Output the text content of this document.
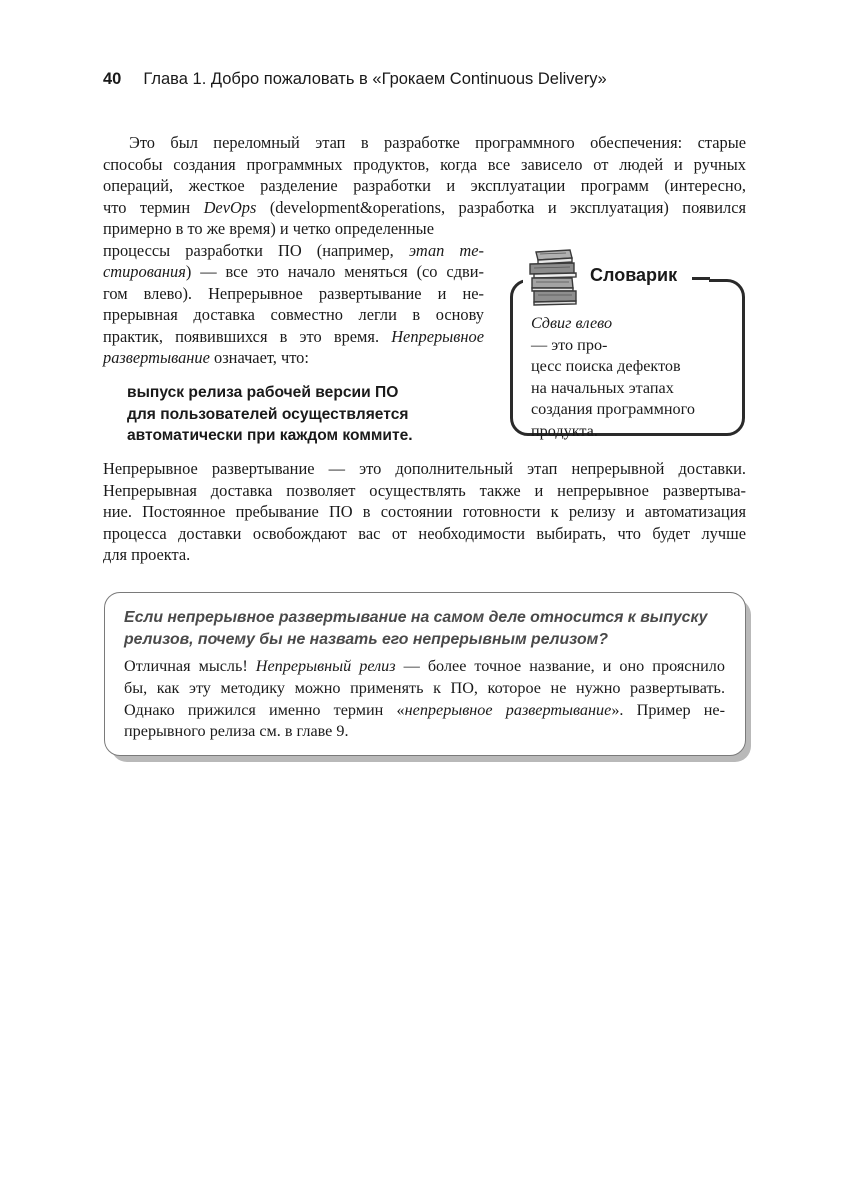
40 Глава 1. Добро пожаловать в «Грокаем Continuous Delivery»

Это был переломный этап в разработке программного обеспечения: старые
способы создания программных продуктов, когда все зависело от людей и ручных
операций, жесткое разделение разработки и эксплуатации программ (интересно,
что термин DevOps (development&operations, разработка и эксплуатация) появился
примерно в то же время) и четко определенные

процессы разработки ПО (например, этап те-
стирования) — все это начало меняться (со сдви-
гом влево). Непрерывное развертывание и не-
прерывная доставка совместно легли в основу
практик, появившихся в это время. Непрерывное
развертывание означает, что:

выпуск релиза рабочей версии ПО
для пользователей осуществляется
автоматически при каждом коммите.
Словарик
Сдвиг влево
— это про-
цесс поиска дефектов
на начальных этапах
создания программного
продукта.

Непрерывное развертывание — это дополнительный этап непрерывной доставки.
Непрерывная доставка позволяет осуществлять также и непрерывное развертыва-
ние. Постоянное пребывание ПО в состоянии готовности к релизу и автоматизация
процесса доставки освобождают вас от необходимости выбирать, что будет лучше
для проекта.

Если непрерывное развертывание на самом деле относится к выпуску
релизов, почему бы не назвать его непрерывным релизом?

Отличная мысль! Непрерывный релиз — более точное название, и оно прояснило
бы, как эту методику можно применять к ПО, которое не нужно развертывать.
Однако прижился именно термин «непрерывное развертывание». Пример не-
прерывного релиза см. в главе 9.
